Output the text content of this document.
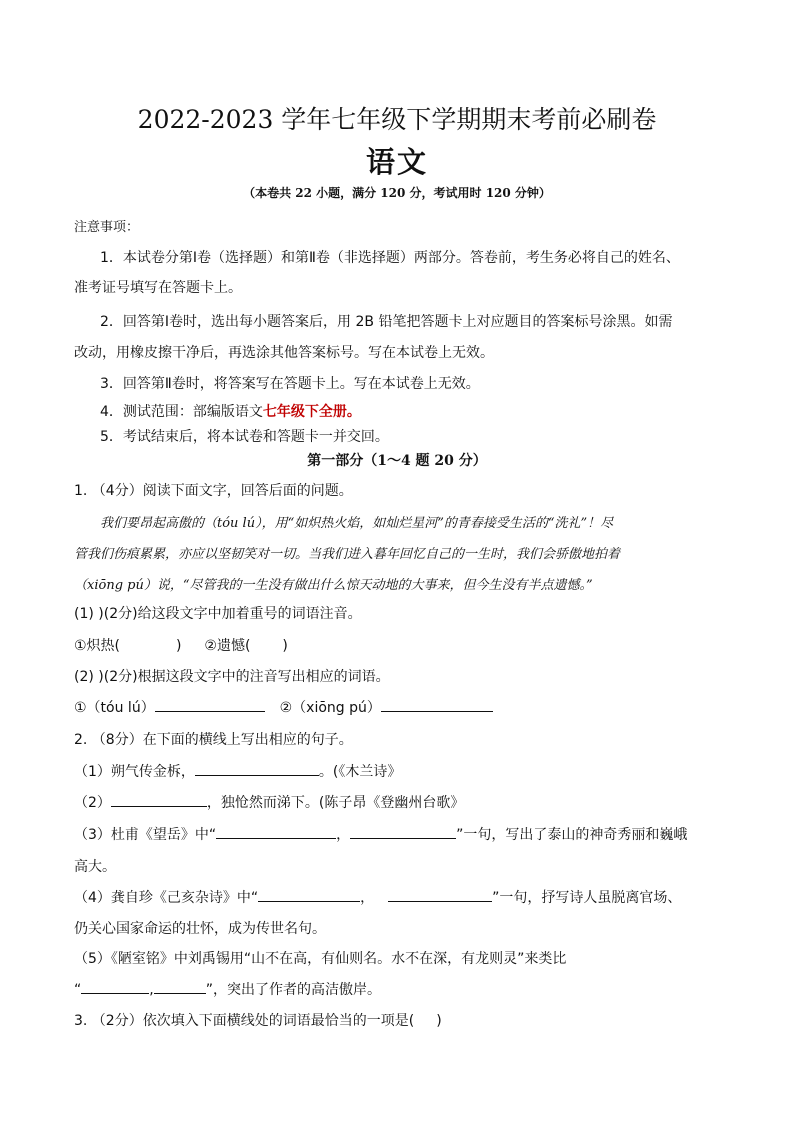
2022-2023 学年七年级下学期期末考前必刷卷
语文
（本卷共 22 小题，满分 120 分，考试用时 120 分钟）
注意事项：
1．本试卷分第Ⅰ卷（选择题）和第Ⅱ卷（非选择题）两部分。答卷前，考生务必将自己的姓名、
准考证号填写在答题卡上。
2．回答第Ⅰ卷时，选出每小题答案后，用 2B 铅笔把答题卡上对应题目的答案标号涂黑。如需
改动，用橡皮擦干净后，再选涂其他答案标号。写在本试卷上无效。
3．回答第Ⅱ卷时，将答案写在答题卡上。写在本试卷上无效。
4．测试范围：部编版语文七年级下全册。
5．考试结束后，将本试卷和答题卡一并交回。
第一部分（1～4 题 20 分）
1. （4分）阅读下面文字，回答后面的问题。
我们要昂起高傲的（tóu lú），用“如炽热火焰，如灿烂星河”的青春接受生活的“洗礼”！尽
管我们伤痕累累，亦应以坚韧笑对一切。当我们进入暮年回忆自己的一生时，我们会骄傲地拍着
（xiōng pú）说，“尽管我的一生没有做出什么惊天动地的大事来，但今生没有半点遗憾。”
(1) )(2分)给这段文字中加着重号的词语注音。
①炽热(	) ②遗憾( )
(2) )(2分)根据这段文字中的注音写出相应的词语。
①（tóu lú）	②（xiōng pú）
2. （8分）在下面的横线上写出相应的句子。
（1）朔气传金柝，	。(《木兰诗》
（2）	，独怆然而涕下。(陈子昂《登幽州台歌》
（3）杜甫《望岳》中“	，	”一句，写出了泰山的神奇秀丽和巍峨
高大。
（4）龚自珍《己亥杂诗》中“	，	”一句，抒写诗人虽脱离官场、
仍关心国家命运的壮怀，成为传世名句。
（5）《陋室铭》中刘禹锡用“山不在高，有仙则名。水不在深，有龙则灵”来类比
“	,	”，突出了作者的高洁傲岸。
3. （2分）依次填入下面横线处的词语最恰当的一项是( )
